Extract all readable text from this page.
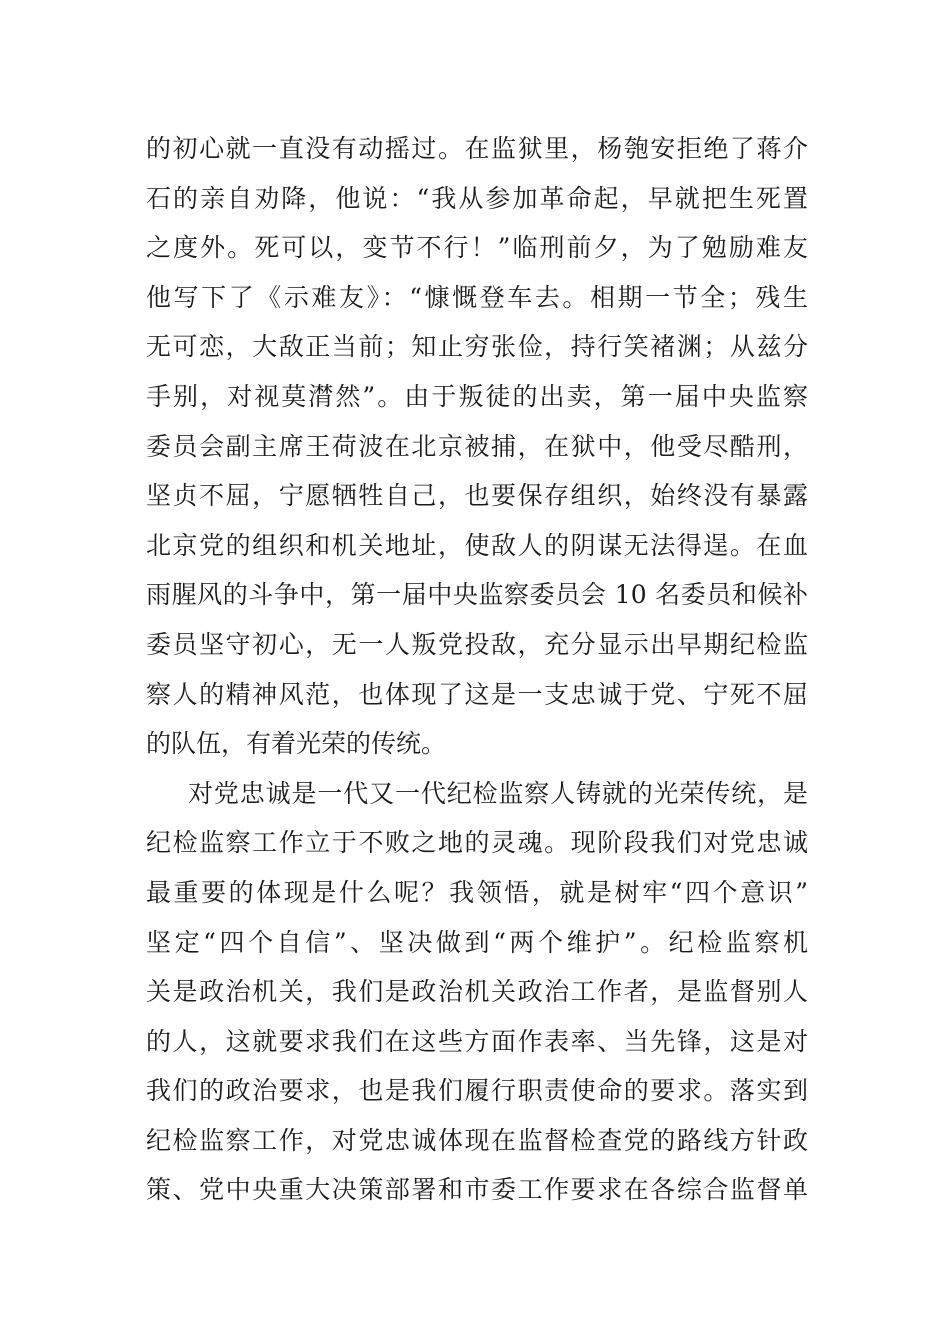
的初心就一直没有动摇过。在监狱里，杨匏安拒绝了蒋介
石的亲自劝降，他说：“我从参加革命起，早就把生死置
之度外。死可以，变节不行！”临刑前夕，为了勉励难友
他写下了《示难友》：“慷慨登车去。相期一节全；残生
无可恋，大敌正当前；知止穷张俭，持行笑褚渊；从兹分
手别，对视莫潸然”。由于叛徒的出卖，第一届中央监察
委员会副主席王荷波在北京被捕，在狱中，他受尽酷刑，
坚贞不屈，宁愿牺牲自己，也要保存组织，始终没有暴露
北京党的组织和机关地址，使敌人的阴谋无法得逞。在血
雨腥风的斗争中，第一届中央监察委员会 10 名委员和候补
委员坚守初心，无一人叛党投敌，充分显示出早期纪检监
察人的精神风范，也体现了这是一支忠诚于党、宁死不屈
的队伍，有着光荣的传统。
对党忠诚是一代又一代纪检监察人铸就的光荣传统，是
纪检监察工作立于不败之地的灵魂。现阶段我们对党忠诚
最重要的体现是什么呢？我领悟，就是树牢“四个意识”
坚定“四个自信”、坚决做到“两个维护”。纪检监察机
关是政治机关，我们是政治机关政治工作者，是监督别人
的人，这就要求我们在这些方面作表率、当先锋，这是对
我们的政治要求，也是我们履行职责使命的要求。落实到
纪检监察工作，对党忠诚体现在监督检查党的路线方针政
策、党中央重大决策部署和市委工作要求在各综合监督单
